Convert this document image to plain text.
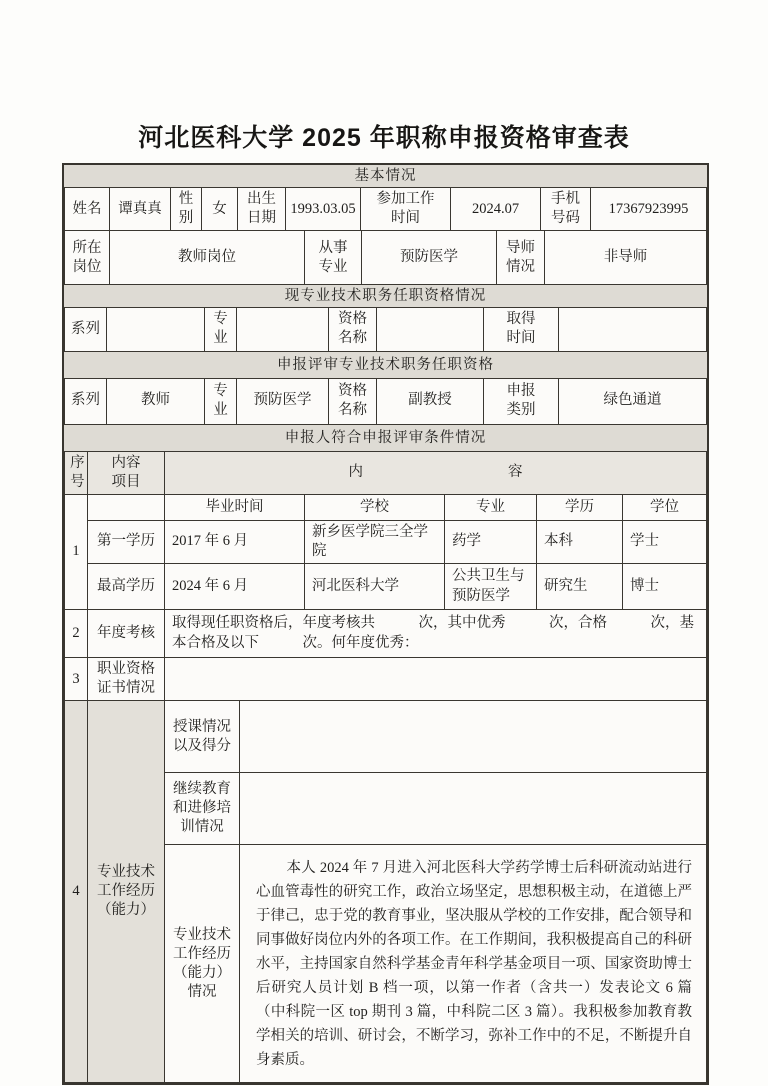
河北医科大学 2025 年职称申报资格审查表
基本情况
姓名	谭真真	性别	女	出生日期	1993.03.05	参加工作时间	2024.07	手机号码	17367923995
所在岗位	教师岗位	从事专业	预防医学	导师情况	非导师
现专业技术职务任职资格情况
系列		专业		资格名称		取得时间	
申报评审专业技术职务任职资格
系列	教师	专业	预防医学	资格名称	副教授	申报类别	绿色通道
申报人符合申报评审条件情况
序号	内容项目	内　　　　　　　　　　容
1		毕业时间	学校	专业	学历	学位
	第一学历	2017 年 6 月	新乡医学院三全学院	药学	本科	学士
	最高学历	2024 年 6 月	河北医科大学	公共卫生与预防医学	研究生	博士
2	年度考核	取得现任职资格后，年度考核共　　　次，其中优秀　　　次，合格　　　次，基本合格及以下　　　次。何年度优秀：
3	职业资格证书情况	
4	专业技术工作经历（能力）	授课情况以及得分	
		继续教育和进修培训情况	
		专业技术工作经历（能力）情况	本人 2024 年 7 月进入河北医科大学药学博士后科研流动站进行心血管毒性的研究工作，政治立场坚定，思想积极主动，在道德上严于律己，忠于党的教育事业，坚决服从学校的工作安排，配合领导和同事做好岗位内外的各项工作。在工作期间，我积极提高自己的科研水平，主持国家自然科学基金青年科学基金项目一项、国家资助博士后研究人员计划 B 档一项，以第一作者（含共一）发表论文 6 篇（中科院一区 top 期刊 3 篇，中科院二区 3 篇）。我积极参加教育教学相关的培训、研讨会，不断学习，弥补工作中的不足，不断提升自身素质。
